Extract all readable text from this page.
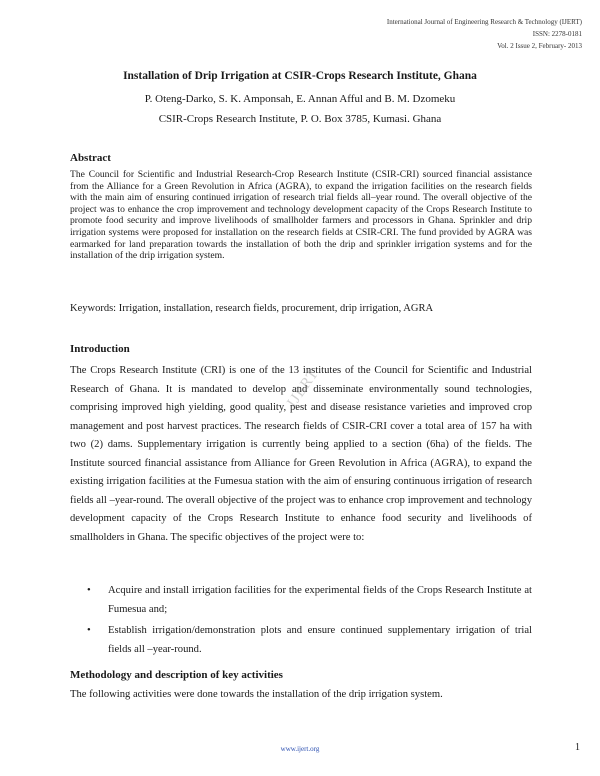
International Journal of Engineering Research & Technology (IJERT)
ISSN: 2278-0181
Vol. 2 Issue 2, February- 2013
Installation of Drip Irrigation at CSIR-Crops Research Institute, Ghana
P. Oteng-Darko, S. K. Amponsah, E. Annan Afful and B. M. Dzomeku
CSIR-Crops Research Institute, P. O. Box 3785, Kumasi. Ghana
Abstract
The Council for Scientific and Industrial Research-Crop Research Institute (CSIR-CRI) sourced financial assistance from the Alliance for a Green Revolution in Africa (AGRA), to expand the irrigation facilities on the research fields with the main aim of ensuring continued irrigation of research trial fields all–year round. The overall objective of the project was to enhance the crop improvement and technology development capacity of the Crops Research Institute to promote food security and improve livelihoods of smallholder farmers and processors in Ghana. Sprinkler and drip irrigation systems were proposed for installation on the research fields at CSIR-CRI. The fund provided by AGRA was earmarked for land preparation towards the installation of both the drip and sprinkler irrigation systems and for the installation of the drip irrigation system.
Keywords: Irrigation, installation, research fields, procurement, drip irrigation, AGRA
Introduction
The Crops Research Institute (CRI) is one of the 13 institutes of the Council for Scientific and Industrial Research of Ghana. It is mandated to develop and disseminate environmentally sound technologies, comprising improved high yielding, good quality, pest and disease resistance varieties and improved crop management and post harvest practices. The research fields of CSIR-CRI cover a total area of 157 ha with two (2) dams. Supplementary irrigation is currently being applied to a section (6ha) of the fields. The Institute sourced financial assistance from Alliance for Green Revolution in Africa (AGRA), to expand the existing irrigation facilities at the Fumesua station with the aim of ensuring continuous irrigation of research fields all –year-round. The overall objective of the project was to enhance crop improvement and technology development capacity of the Crops Research Institute to enhance food security and livelihoods of smallholders in Ghana. The specific objectives of the project were to:
• Acquire and install irrigation facilities for the experimental fields of the Crops Research Institute at Fumesua and;
• Establish irrigation/demonstration plots and ensure continued supplementary irrigation of trial fields all –year-round.
Methodology and description of key activities
The following activities were done towards the installation of the drip irrigation system.
IJERT
www.ijert.org	1
